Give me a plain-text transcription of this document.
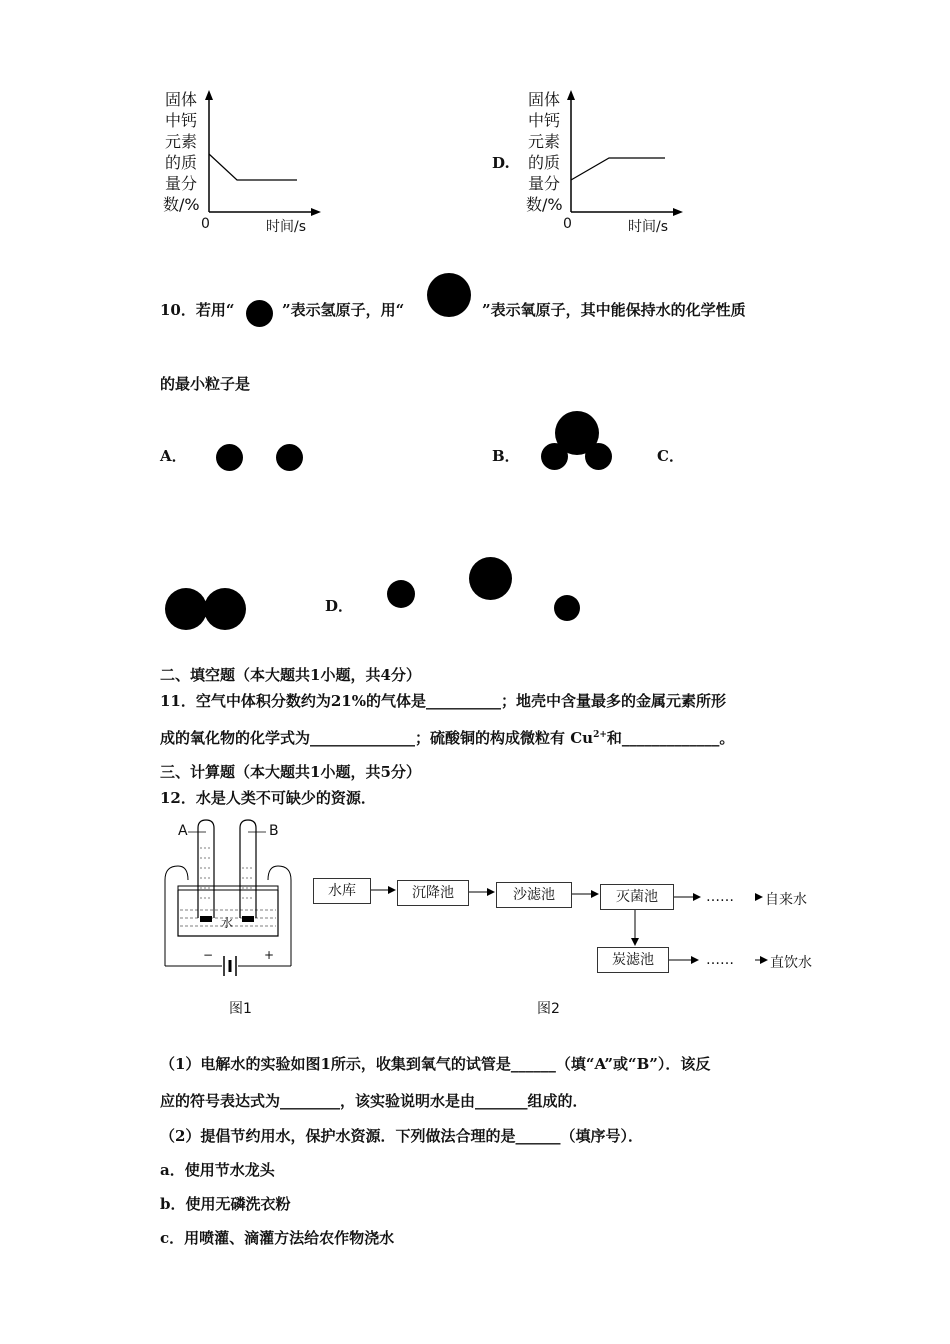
固体
中钙
元素
的质
量分
数/%
0	时间/s
D.
固体
中钙
元素
的质
量分
数/%
0	时间/s
10．若用“	”表示氢原子，用“	”表示氧原子，其中能保持水的化学性质
的最小粒子是
A．	B．	C．
D．
二、填空题（本大题共1小题，共4分）
11．空气中体积分数约为21%的气体是__________；地壳中含量最多的金属元素所形
成的氧化物的化学式为______________；硫酸铜的构成微粒有 $Cu^{2+}$和_____________。
三、计算题（本大题共1小题，共5分）
12．水是人类不可缺少的资源．
A	B
水
−	+
图1
水库	沉降池	沙滤池	灭菌池	…… 自来水
炭滤池	……	直饮水
图2
（1）电解水的实验如图1所示，收集到氧气的试管是______（填“A”或“B”）．该反
应的符号表达式为________，该实验说明水是由_______组成的．
（2）提倡节约用水，保护水资源．下列做法合理的是______（填序号）．
a．使用节水龙头
b．使用无磷洗衣粉
c．用喷灌、滴灌方法给农作物浇水
